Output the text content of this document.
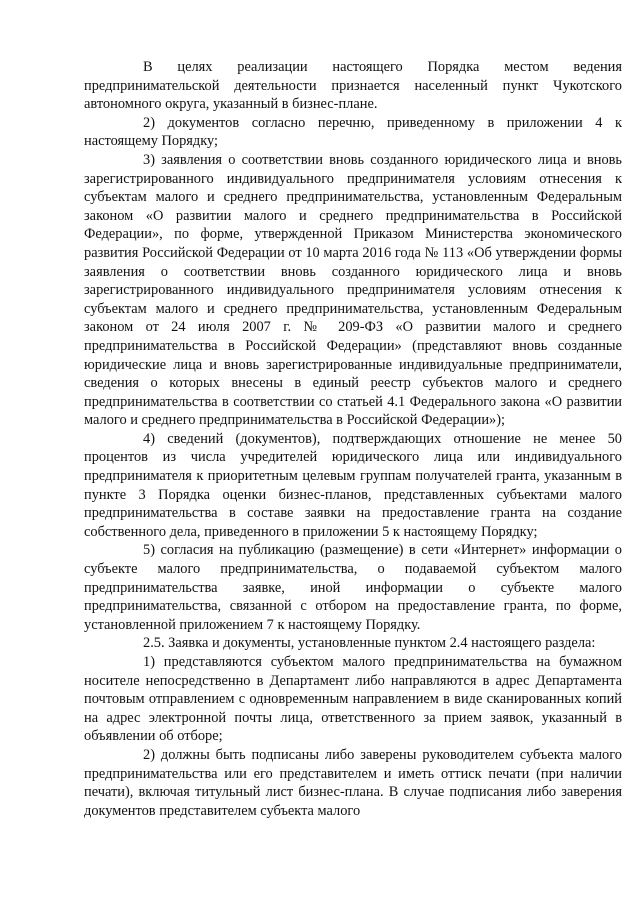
В целях реализации настоящего Порядка местом ведения предпринимательской деятельности признается населенный пункт Чукотского автономного округа, указанный в бизнес-плане.

2) документов согласно перечню, приведенному в приложении 4 к настоящему Порядку;

3) заявления о соответствии вновь созданного юридического лица и вновь зарегистрированного индивидуального предпринимателя условиям отнесения к субъектам малого и среднего предпринимательства, установленным Федеральным законом «О развитии малого и среднего предпринимательства в Российской Федерации», по форме, утвержденной Приказом Министерства экономического развития Российской Федерации от 10 марта 2016 года № 113 «Об утверждении формы заявления о соответствии вновь созданного юридического лица и вновь зарегистрированного индивидуального предпринимателя условиям отнесения к субъектам малого и среднего предпринимательства, установленным Федеральным законом от 24 июля 2007 г. № 209-ФЗ «О развитии малого и среднего предпринимательства в Российской Федерации» (представляют вновь созданные юридические лица и вновь зарегистрированные индивидуальные предприниматели, сведения о которых внесены в единый реестр субъектов малого и среднего предпринимательства в соответствии со статьей 4.1 Федерального закона «О развитии малого и среднего предпринимательства в Российской Федерации»);

4) сведений (документов), подтверждающих отношение не менее 50 процентов из числа учредителей юридического лица или индивидуального предпринимателя к приоритетным целевым группам получателей гранта, указанным в пункте 3 Порядка оценки бизнес-планов, представленных субъектами малого предпринимательства в составе заявки на предоставление гранта на создание собственного дела, приведенного в приложении 5 к настоящему Порядку;

5) согласия на публикацию (размещение) в сети «Интернет» информации о субъекте малого предпринимательства, о подаваемой субъектом малого предпринимательства заявке, иной информации о субъекте малого предпринимательства, связанной с отбором на предоставление гранта, по форме, установленной приложением 7 к настоящему Порядку.

2.5. Заявка и документы, установленные пунктом 2.4 настоящего раздела:

1) представляются субъектом малого предпринимательства на бумажном носителе непосредственно в Департамент либо направляются в адрес Департамента почтовым отправлением с одновременным направлением в виде сканированных копий на адрес электронной почты лица, ответственного за прием заявок, указанный в объявлении об отборе;

2) должны быть подписаны либо заверены руководителем субъекта малого предпринимательства или его представителем и иметь оттиск печати (при наличии печати), включая титульный лист бизнес-плана. В случае подписания либо заверения документов представителем субъекта малого
